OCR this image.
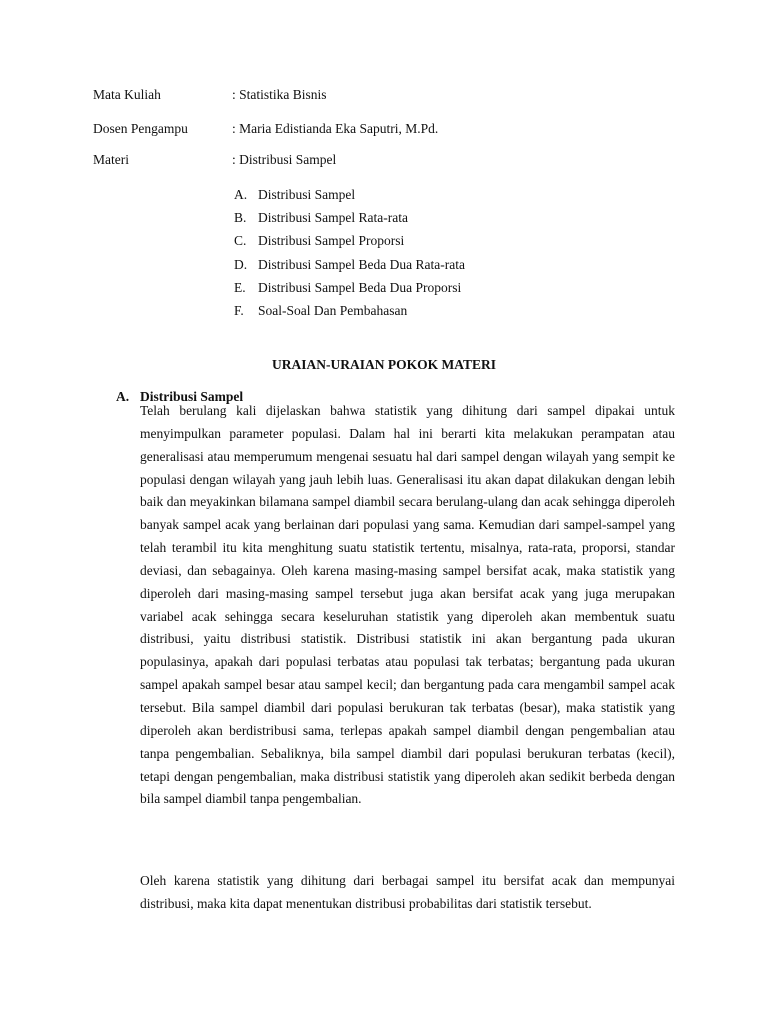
Mata Kuliah	: Statistika Bisnis
Dosen Pengampu	: Maria Edistianda Eka Saputri, M.Pd.
Materi	: Distribusi Sampel
A. Distribusi Sampel
B. Distribusi Sampel Rata-rata
C. Distribusi Sampel Proporsi
D. Distribusi Sampel Beda Dua Rata-rata
E. Distribusi Sampel Beda Dua Proporsi
F. Soal-Soal Dan Pembahasan
URAIAN-URAIAN POKOK MATERI
A. Distribusi Sampel

Telah berulang kali dijelaskan bahwa statistik yang dihitung dari sampel dipakai untuk menyimpulkan parameter populasi. Dalam hal ini berarti kita melakukan perampatan atau generalisasi atau memperumum mengenai sesuatu hal dari sampel dengan wilayah yang sempit ke populasi dengan wilayah yang jauh lebih luas. Generalisasi itu akan dapat dilakukan dengan lebih baik dan meyakinkan bilamana sampel diambil secara berulang-ulang dan acak sehingga diperoleh banyak sampel acak yang berlainan dari populasi yang sama. Kemudian dari sampel-sampel yang telah terambil itu kita menghitung suatu statistik tertentu, misalnya, rata-rata, proporsi, standar deviasi, dan sebagainya. Oleh karena masing-masing sampel bersifat acak, maka statistik yang diperoleh dari masing-masing sampel tersebut juga akan bersifat acak yang juga merupakan variabel acak sehingga secara keseluruhan statistik yang diperoleh akan membentuk suatu distribusi, yaitu distribusi statistik. Distribusi statistik ini akan bergantung pada ukuran populasinya, apakah dari populasi terbatas atau populasi tak terbatas; bergantung pada ukuran sampel apakah sampel besar atau sampel kecil; dan bergantung pada cara mengambil sampel acak tersebut. Bila sampel diambil dari populasi berukuran tak terbatas (besar), maka statistik yang diperoleh akan berdistribusi sama, terlepas apakah sampel diambil dengan pengembalian atau tanpa pengembalian. Sebaliknya, bila sampel diambil dari populasi berukuran terbatas (kecil), tetapi dengan pengembalian, maka distribusi statistik yang diperoleh akan sedikit berbeda dengan bila sampel diambil tanpa pengembalian.

Oleh karena statistik yang dihitung dari berbagai sampel itu bersifat acak dan mempunyai distribusi, maka kita dapat menentukan distribusi probabilitas dari statistik tersebut.
